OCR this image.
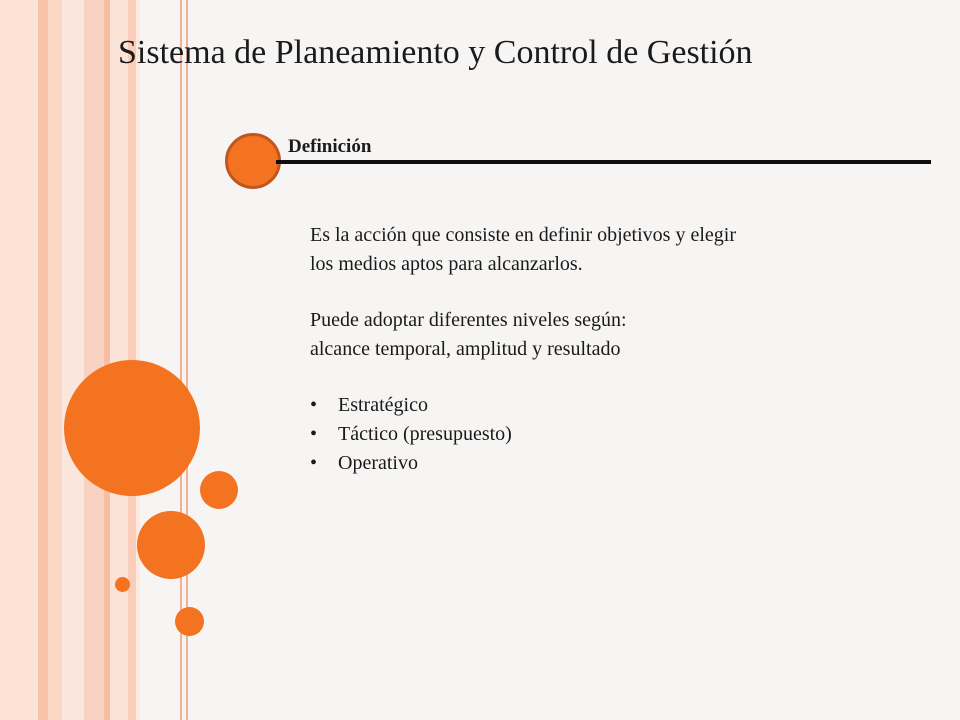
Sistema de Planeamiento y Control de Gestión
Definición

Es la acción que consiste en definir objetivos y elegir
los medios aptos para alcanzarlos.

Puede adoptar diferentes niveles según:
alcance temporal, amplitud y resultado

• Estratégico
• Táctico (presupuesto)
• Operativo
